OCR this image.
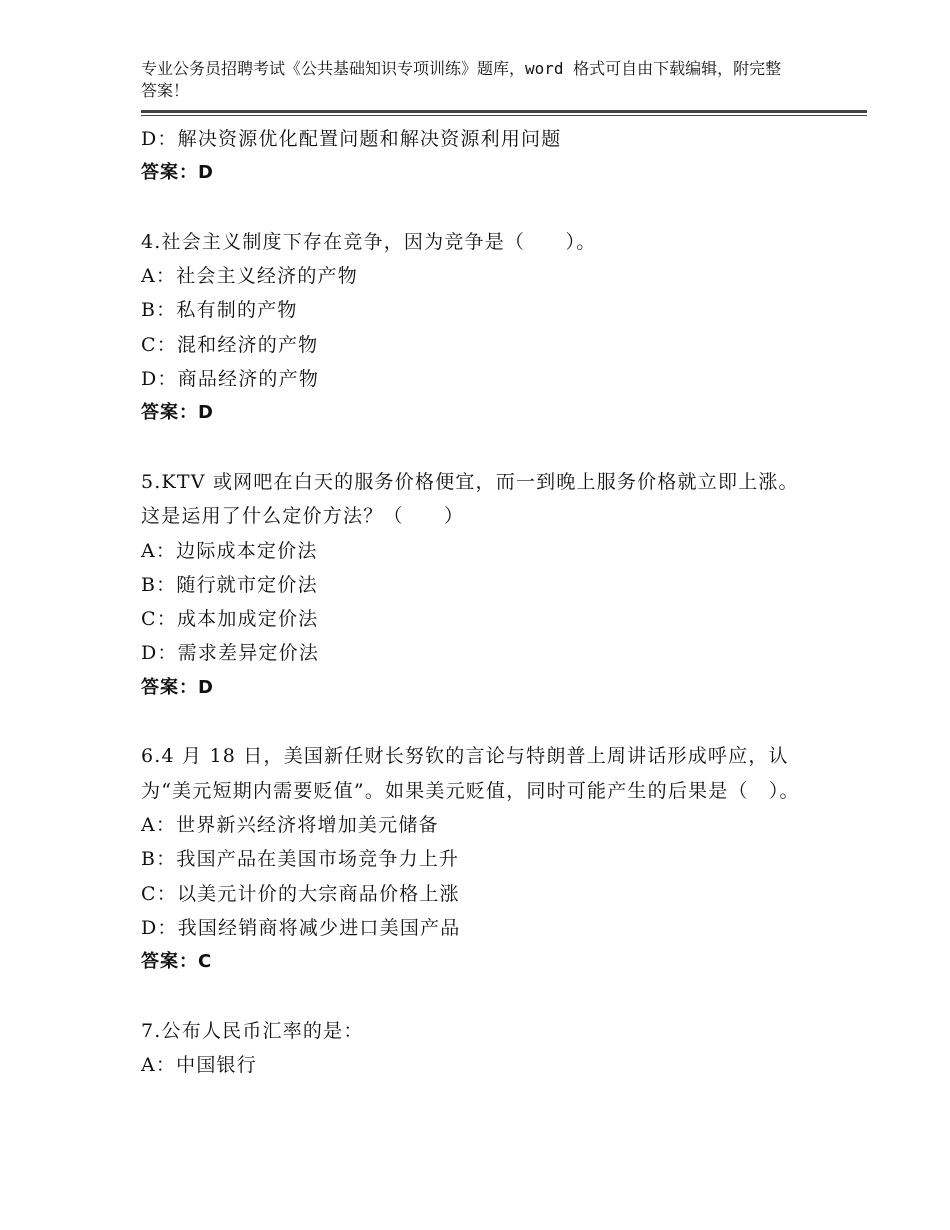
专业公务员招聘考试《公共基础知识专项训练》题库，word 格式可自由下载编辑，附完整答案！
D：解决资源优化配置问题和解决资源利用问题
答案：D
4.社会主义制度下存在竞争，因为竞争是（　　）。
A：社会主义经济的产物
B：私有制的产物
C：混和经济的产物
D：商品经济的产物
答案：D
5.KTV 或网吧在白天的服务价格便宜，而一到晚上服务价格就立即上涨。这是运用了什么定价方法？（　　）
A：边际成本定价法
B：随行就市定价法
C：成本加成定价法
D：需求差异定价法
答案：D
6.4 月 18 日，美国新任财长努钦的言论与特朗普上周讲话形成呼应，认为“美元短期内需要贬值”。如果美元贬值，同时可能产生的后果是（　）。
A：世界新兴经济将增加美元储备
B：我国产品在美国市场竞争力上升
C：以美元计价的大宗商品价格上涨
D：我国经销商将减少进口美国产品
答案：C
7.公布人民币汇率的是：
A：中国银行
